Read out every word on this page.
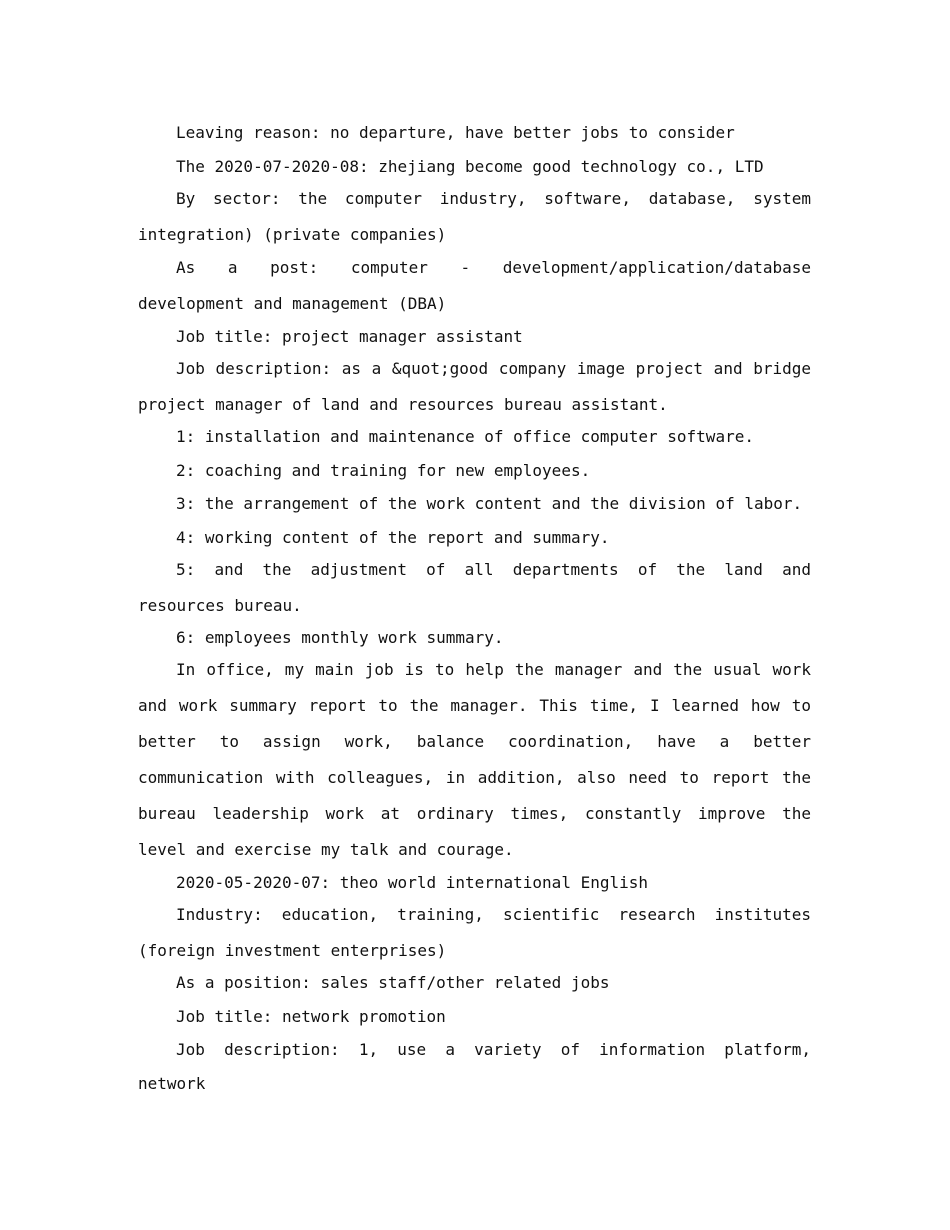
Leaving reason: no departure, have better jobs to consider

The 2020-07-2020-08: zhejiang become good technology co., LTD

By sector: the computer industry, software, database, system integration) (private companies)

As a post: computer - development/application/database development and management (DBA)

Job title: project manager assistant

Job description: as a &quot;good company image project and bridge project manager of land and resources bureau assistant.

1: installation and maintenance of office computer software.

2: coaching and training for new employees.

3: the arrangement of the work content and the division of labor.

4: working content of the report and summary.

5: and the adjustment of all departments of the land and resources bureau.

6: employees monthly work summary.

In office, my main job is to help the manager and the usual work and work summary report to the manager. This time, I learned how to better to assign work, balance coordination, have a better communication with colleagues, in addition, also need to report the bureau leadership work at ordinary times, constantly improve the level and exercise my talk and courage.

2020-05-2020-07: theo world international English

Industry: education, training, scientific research institutes (foreign investment enterprises)

As a position: sales staff/other related jobs

Job title: network promotion

Job description: 1, use a variety of information platform, network
